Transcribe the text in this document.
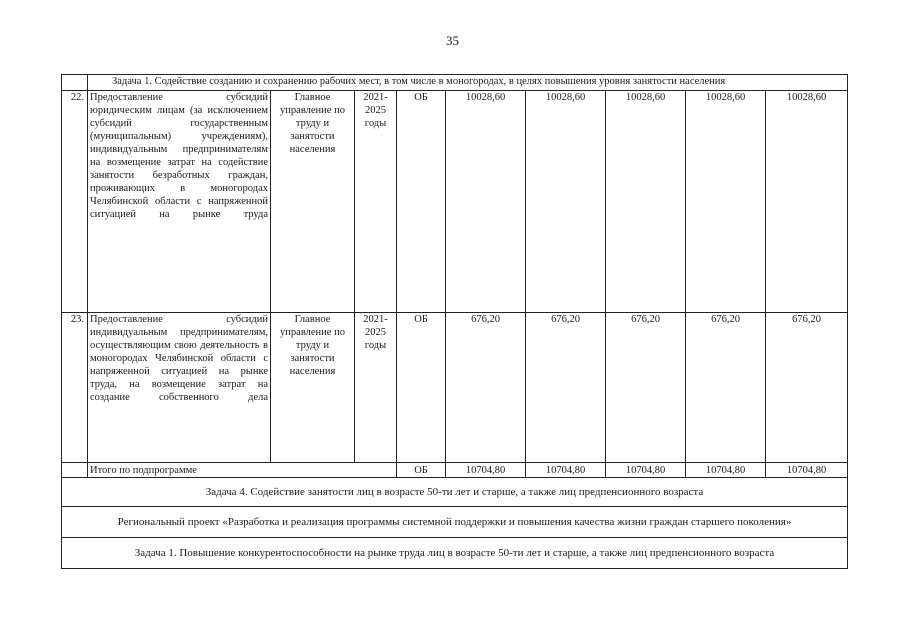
35
	Задача 1. Содействие созданию и сохранению рабочих мест, в том числе в моногородах, в целях повышения уровня занятости населения								
22.	Предоставление субсидий юридическим лицам (за исключением субсидий государственным (муниципальным) учреждениям), индивидуальным предпринимателям на возмещение затрат на содействие занятости безработных граждан, проживающих в моногородах Челябинской области с напряженной ситуацией на рынке труда	Главное управление по труду и занятости населения	2021-2025 годы	ОБ	10028,60	10028,60	10028,60	10028,60	10028,60
23.	Предоставление субсидий индивидуальным предпринимателям, осуществляющим свою деятельность в моногородах Челябинской области с напряженной ситуацией на рынке труда, на возмещение затрат на создание собственного дела	Главное управление по труду и занятости населения	2021-2025 годы	ОБ	676,20	676,20	676,20	676,20	676,20
	Итого по подпрограмме			ОБ	10704,80	10704,80	10704,80	10704,80	10704,80
Задача 4. Содействие занятости лиц в возрасте 50-ти лет и старше, а также лиц предпенсионного возраста									
Региональный проект «Разработка и реализация программы системной поддержки и повышения качества жизни граждан старшего поколения»									
Задача 1. Повышение конкурентоспособности на рынке труда лиц в возрасте 50-ти лет и старше, а также лиц предпенсионного возраста									
